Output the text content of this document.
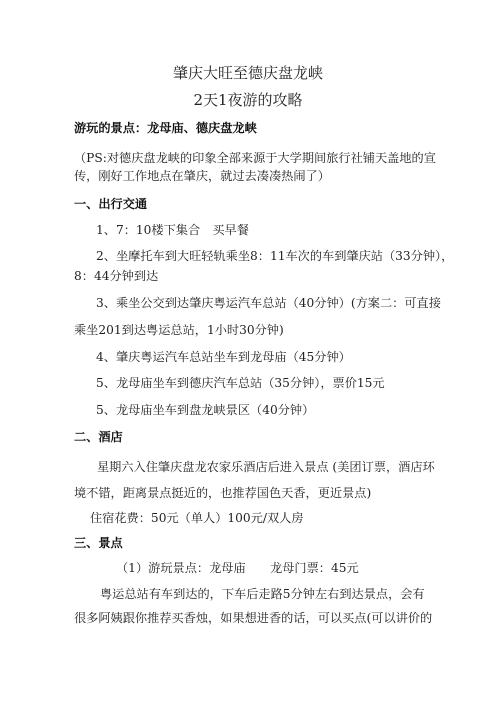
肇庆大旺至德庆盘龙峡
2天1夜游的攻略
游玩的景点：龙母庙、德庆盘龙峡
（PS:对德庆盘龙峡的印象全部来源于大学期间旅行社铺天盖地的宣
传，刚好工作地点在肇庆，就过去凑凑热闹了）
一、出行交通
1、7：10楼下集合　买早餐
2、坐摩托车到大旺轻轨乘坐8：11车次的车到肇庆站（33分钟），
8：44分钟到达
3、乘坐公交到达肇庆粤运汽车总站（40分钟）(方案二：可直接
乘坐201到达粤运总站，1小时30分钟)
4、肇庆粤运汽车总站坐车到龙母庙（45分钟）
5、龙母庙坐车到德庆汽车总站（35分钟），票价15元
5、龙母庙坐车到盘龙峡景区（40分钟）
二、酒店
星期六入住肇庆盘龙农家乐酒店后进入景点 (美团订票，酒店环
境不错，距离景点挺近的，也推荐国色天香，更近景点)
住宿花费：50元（单人）100元/双人房
三、景点
（1）游玩景点：龙母庙　　龙母门票：45元
粤运总站有车到达的，下车后走路5分钟左右到达景点，会有
很多阿姨跟你推荐买香烛，如果想进香的话，可以买点(可以讲价的
